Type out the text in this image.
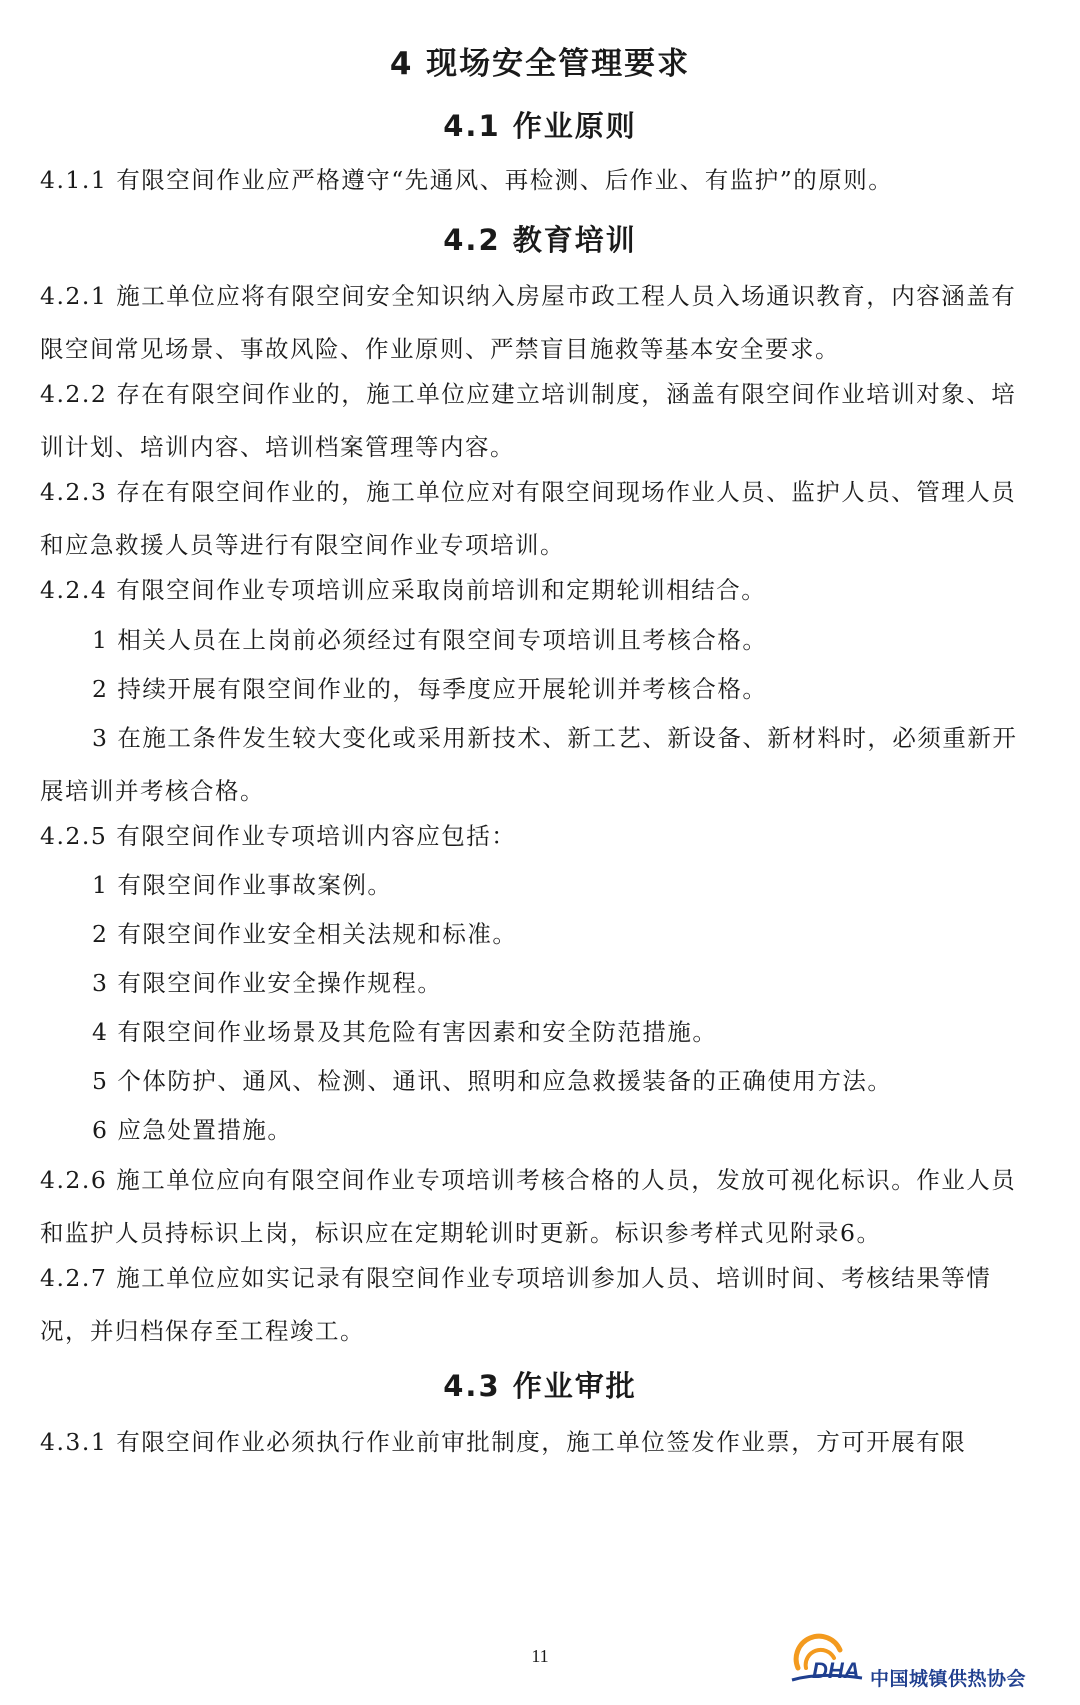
4 现场安全管理要求
4.1 作业原则
4.1.1 有限空间作业应严格遵守“先通风、再检测、后作业、有监护”的原则。
4.2 教育培训
4.2.1 施工单位应将有限空间安全知识纳入房屋市政工程人员入场通识教育，内容涵盖有限空间常见场景、事故风险、作业原则、严禁盲目施救等基本安全要求。
4.2.2 存在有限空间作业的，施工单位应建立培训制度，涵盖有限空间作业培训对象、培训计划、培训内容、培训档案管理等内容。
4.2.3 存在有限空间作业的，施工单位应对有限空间现场作业人员、监护人员、管理人员和应急救援人员等进行有限空间作业专项培训。
4.2.4 有限空间作业专项培训应采取岗前培训和定期轮训相结合。
1 相关人员在上岗前必须经过有限空间专项培训且考核合格。
2 持续开展有限空间作业的，每季度应开展轮训并考核合格。
3 在施工条件发生较大变化或采用新技术、新工艺、新设备、新材料时，必须重新开展培训并考核合格。
4.2.5 有限空间作业专项培训内容应包括：
1 有限空间作业事故案例。
2 有限空间作业安全相关法规和标准。
3 有限空间作业安全操作规程。
4 有限空间作业场景及其危险有害因素和安全防范措施。
5 个体防护、通风、检测、通讯、照明和应急救援装备的正确使用方法。
6 应急处置措施。
4.2.6 施工单位应向有限空间作业专项培训考核合格的人员，发放可视化标识。作业人员和监护人员持标识上岗，标识应在定期轮训时更新。标识参考样式见附录6。
4.2.7 施工单位应如实记录有限空间作业专项培训参加人员、培训时间、考核结果等情况，并归档保存至工程竣工。
4.3 作业审批
4.3.1 有限空间作业必须执行作业前审批制度，施工单位签发作业票，方可开展有限
11
DHA 中国城镇供热协会
